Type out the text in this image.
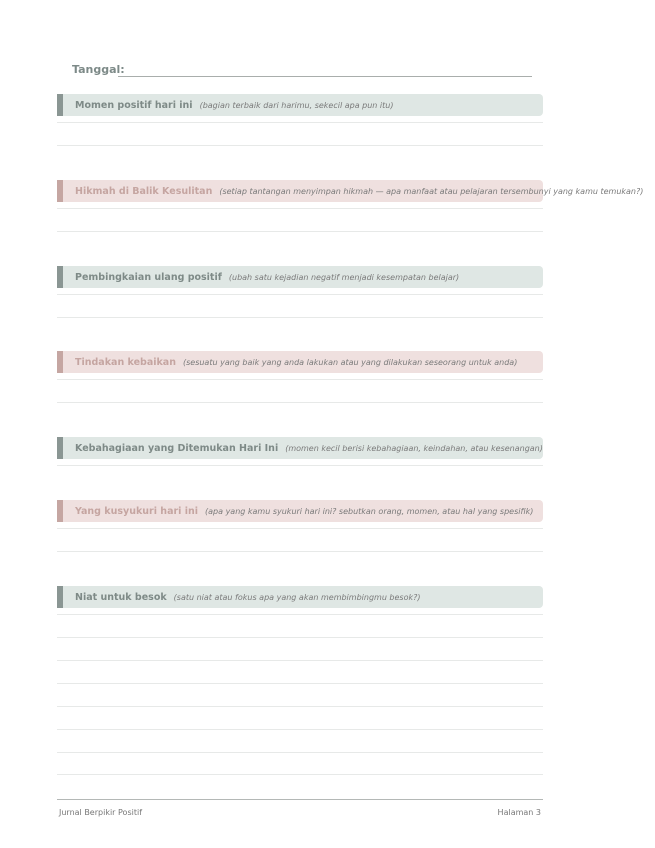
Tanggal:
Momen positif hari ini (bagian terbaik dari harimu, sekecil apa pun itu)
Hikmah di Balik Kesulitan (setiap tantangan menyimpan hikmah — apa manfaat atau pelajaran tersembunyi yang kamu temukan?)
Pembingkaian ulang positif (ubah satu kejadian negatif menjadi kesempatan belajar)
Tindakan kebaikan (sesuatu yang baik yang anda lakukan atau yang dilakukan seseorang untuk anda)
Kebahagiaan yang Ditemukan Hari Ini (momen kecil berisi kebahagiaan, keindahan, atau kesenangan)
Yang kusyukuri hari ini (apa yang kamu syukuri hari ini? sebutkan orang, momen, atau hal yang spesifik)
Niat untuk besok (satu niat atau fokus apa yang akan membimbingmu besok?)
Jurnal Berpikir Positif	Halaman 3
